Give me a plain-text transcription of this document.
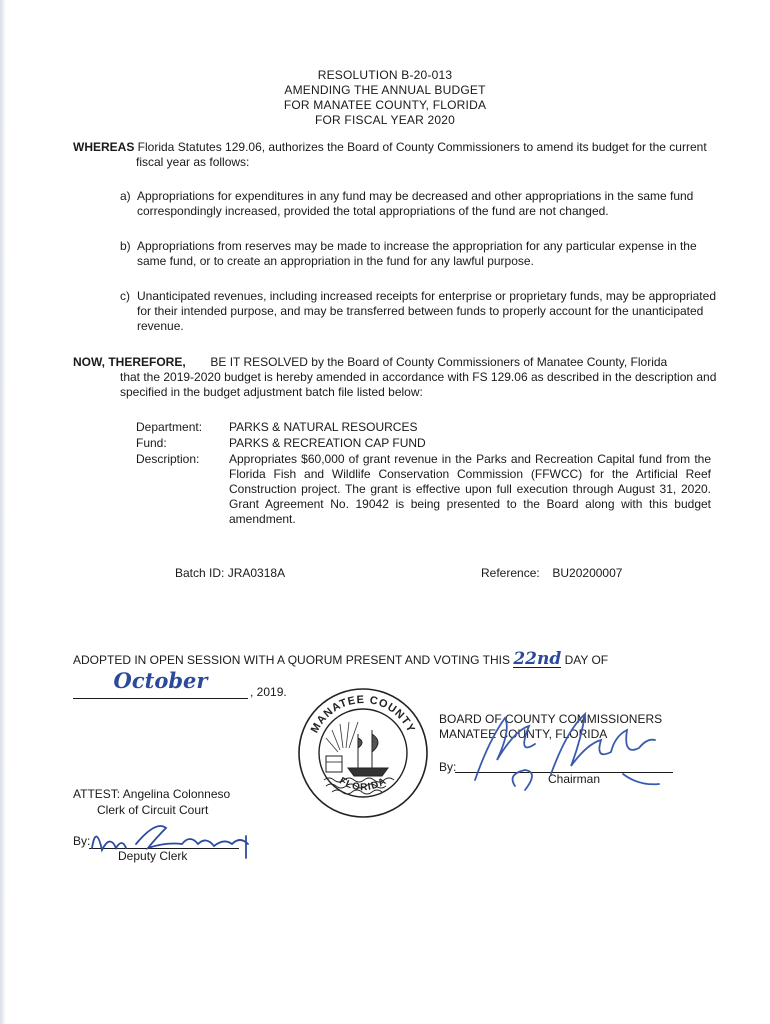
RESOLUTION B-20-013
AMENDING THE ANNUAL BUDGET
FOR MANATEE COUNTY, FLORIDA
FOR FISCAL YEAR 2020
WHEREAS Florida Statutes 129.06, authorizes the Board of County Commissioners to amend its budget for the current
fiscal year as follows:
a) Appropriations for expenditures in any fund may be decreased and other appropriations in the same fund
correspondingly increased, provided the total appropriations of the fund are not changed.
b) Appropriations from reserves may be made to increase the appropriation for any particular expense in the
same fund, or to create an appropriation in the fund for any lawful purpose.
c) Unanticipated revenues, including increased receipts for enterprise or proprietary funds, may be appropriated
for their intended purpose, and may be transferred between funds to properly account for the unanticipated
revenue.
NOW, THEREFORE, BE IT RESOLVED by the Board of County Commissioners of Manatee County, Florida
that the 2019-2020 budget is hereby amended in accordance with FS 129.06 as described in the description and
specified in the budget adjustment batch file listed below:
Department: PARKS & NATURAL RESOURCES
Fund:	PARKS & RECREATION CAP FUND
Description: Appropriates $60,000 of grant revenue in the Parks and Recreation Capital fund from the Florida Fish and Wildlife Conservation Commission (FFWCC) for the Artificial Reef Construction project. The grant is effective upon full execution through August 31, 2020. Grant Agreement No. 19042 is being presented to the Board along with this budget amendment.
Batch ID: JRA0318A	Reference: BU20200007
ADOPTED IN OPEN SESSION WITH A QUORUM PRESENT AND VOTING THIS 22nd DAY OF
October	, 2019.
MANATEE COUNTY
FLORIDA
BOARD OF COUNTY COMMISSIONERS
MANATEE COUNTY, FLORIDA
By:
Chairman
ATTEST: Angelina Colonneso
Clerk of Circuit Court
By:
Deputy Clerk
